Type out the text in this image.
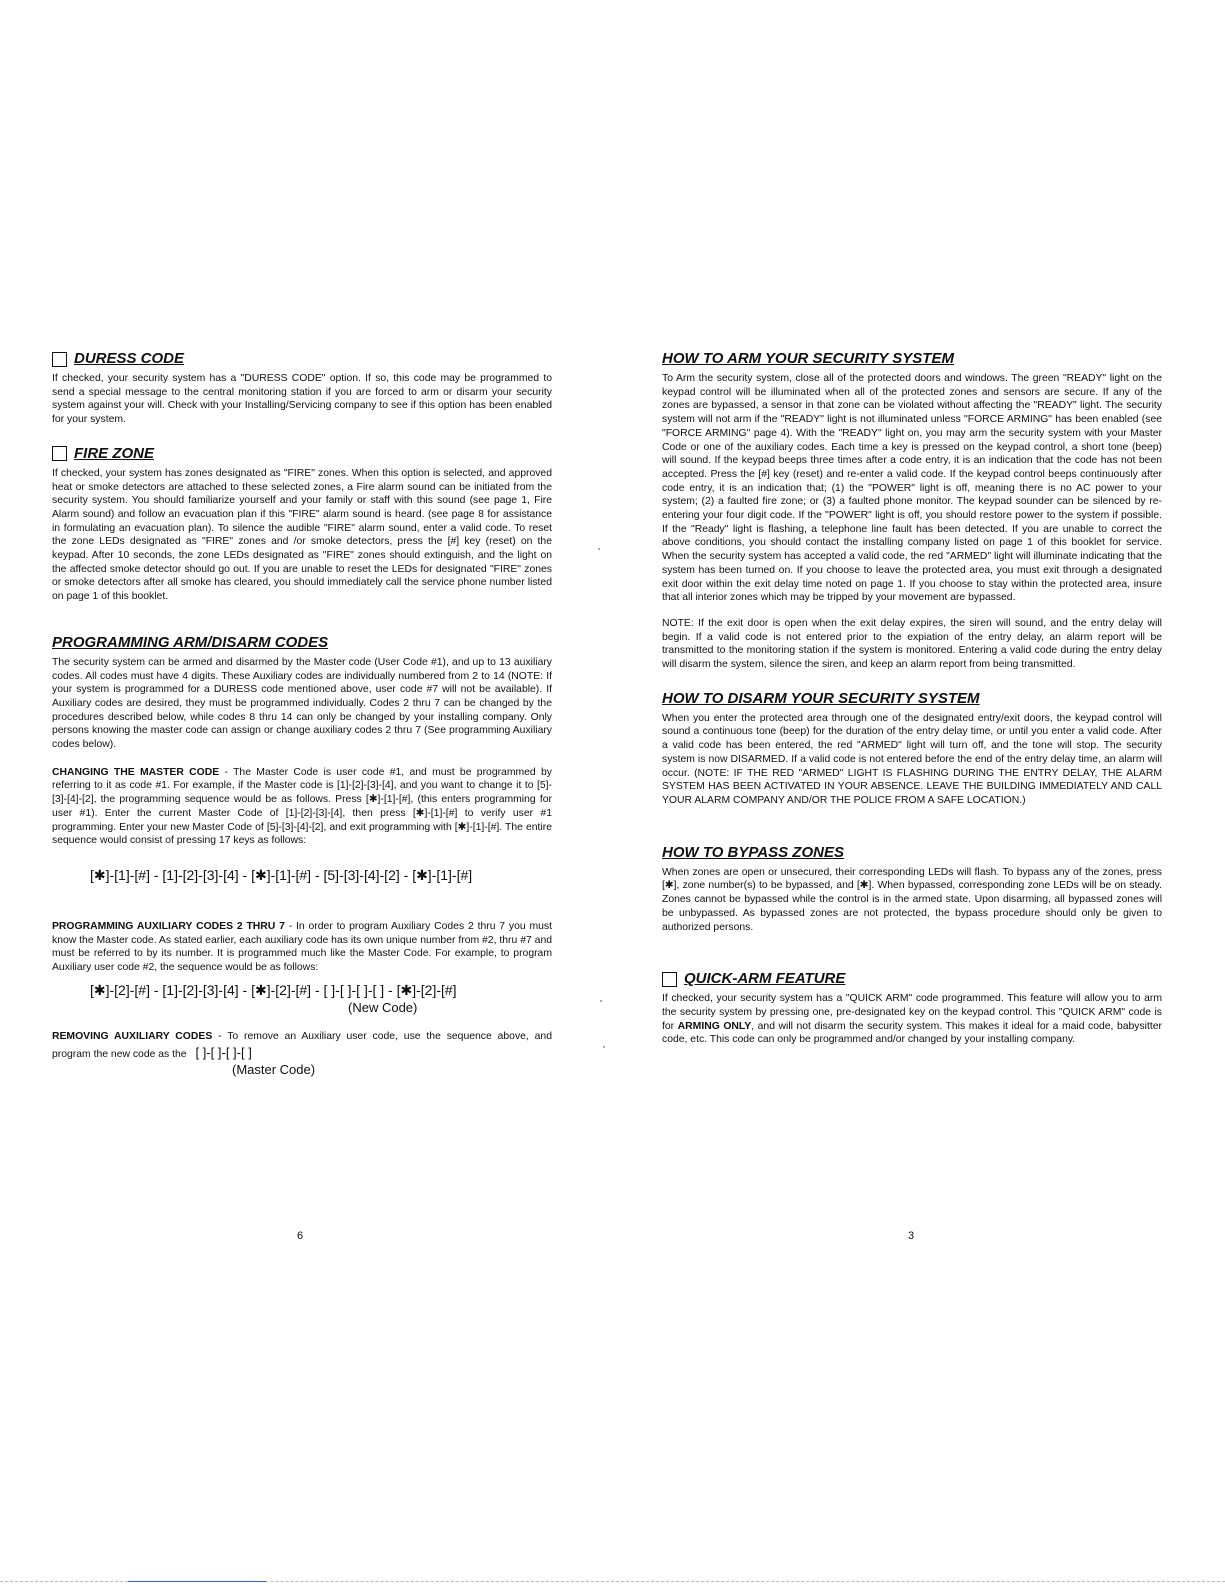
DURESS CODE

If checked, your security system has a "DURESS CODE" option. If so, this code may be programmed to send a special message to the central monitoring station if you are forced to arm or disarm your security system against your will. Check with your Installing/Servicing company to see if this option has been enabled for your system.

FIRE ZONE

If checked, your system has zones designated as "FIRE" zones. When this option is selected, and approved heat or smoke detectors are attached to these selected zones, a Fire alarm sound can be initiated from the security system. You should familiarize yourself and your family or staff with this sound (see page 1, Fire Alarm sound) and follow an evacuation plan if this "FIRE" alarm sound is heard. (see page 8 for assistance in formulating an evacuation plan). To silence the audible "FIRE" alarm sound, enter a valid code. To reset the zone LEDs designated as "FIRE" zones and /or smoke detectors, press the [#] key (reset) on the keypad. After 10 seconds, the zone LEDs designated as "FIRE" zones should extinguish, and the light on the affected smoke detector should go out. If you are unable to reset the LEDs for designated "FIRE" zones or smoke detectors after all smoke has cleared, you should immediately call the service phone number listed on page 1 of this booklet.

PROGRAMMING ARM/DISARM CODES

The security system can be armed and disarmed by the Master code (User Code #1), and up to 13 auxiliary codes. All codes must have 4 digits. These Auxiliary codes are individually numbered from 2 to 14 (NOTE: If your system is programmed for a DURESS code mentioned above, user code #7 will not be available). If Auxiliary codes are desired, they must be programmed individually. Codes 2 thru 7 can be changed by the procedures described below, while codes 8 thru 14 can only be changed by your installing company. Only persons knowing the master code can assign or change auxiliary codes 2 thru 7 (See programming Auxiliary codes below).

CHANGING THE MASTER CODE - The Master Code is user code #1, and must be programmed by referring to it as code #1. For example, if the Master code is [1]-[2]-[3]-[4], and you want to change it to [5]-[3]-[4]-[2], the programming sequence would be as follows. Press [✱]-[1]-[#], (this enters programming for user #1). Enter the current Master Code of [1]-[2]-[3]-[4], then press [✱]-[1]-[#] to verify user #1 programming. Enter your new Master Code of [5]-[3]-[4]-[2], and exit programming with [✱]-[1]-[#]. The entire sequence would consist of pressing 17 keys as follows:

[✱]-[1]-[#] - [1]-[2]-[3]-[4] - [✱]-[1]-[#] - [5]-[3]-[4]-[2] - [✱]-[1]-[#]

PROGRAMMING AUXILIARY CODES 2 THRU 7 - In order to program Auxiliary Codes 2 thru 7 you must know the Master code. As stated earlier, each auxiliary code has its own unique number from #2, thru #7 and must be referred to by its number. It is programmed much like the Master Code. For example, to program Auxiliary user code #2, the sequence would be as follows:

[✱]-[2]-[#] - [1]-[2]-[3]-[4] - [✱]-[2]-[#] - [ ]-[ ]-[ ]-[ ] - [✱]-[2]-[#]
(New Code)

REMOVING AUXILIARY CODES - To remove an Auxiliary user code, use the sequence above, and program the new code as the [ ]-[ ]-[ ]-[ ]

(Master Code)
6
HOW TO ARM YOUR SECURITY SYSTEM

To Arm the security system, close all of the protected doors and windows. The green "READY" light on the keypad control will be illuminated when all of the protected zones and sensors are secure. If any of the zones are bypassed, a sensor in that zone can be violated without affecting the "READY" light. The security system will not arm if the "READY" light is not illuminated unless "FORCE ARMING" has been enabled (see "FORCE ARMING" page 4). With the "READY" light on, you may arm the security system with your Master Code or one of the auxiliary codes. Each time a key is pressed on the keypad control, a short tone (beep) will sound. If the keypad beeps three times after a code entry, it is an indication that the code has not been accepted. Press the [#] key (reset) and re-enter a valid code. If the keypad control beeps continuously after code entry, it is an indication that; (1) the "POWER" light is off, meaning there is no AC power to your system; (2) a faulted fire zone; or (3) a faulted phone monitor. The keypad sounder can be silenced by re-entering your four digit code. If the "POWER" light is off, you should restore power to the system if possible. If the "Ready" light is flashing, a telephone line fault has been detected. If you are unable to correct the above conditions, you should contact the installing company listed on page 1 of this booklet for service. When the security system has accepted a valid code, the red "ARMED" light will illuminate indicating that the system has been turned on. If you choose to leave the protected area, you must exit through a designated exit door within the exit delay time noted on page 1. If you choose to stay within the protected area, insure that all interior zones which may be tripped by your movement are bypassed.

NOTE: If the exit door is open when the exit delay expires, the siren will sound, and the entry delay will begin. If a valid code is not entered prior to the expiation of the entry delay, an alarm report will be transmitted to the monitoring station if the system is monitored. Entering a valid code during the entry delay will disarm the system, silence the siren, and keep an alarm report from being transmitted.

HOW TO DISARM YOUR SECURITY SYSTEM

When you enter the protected area through one of the designated entry/exit doors, the keypad control will sound a continuous tone (beep) for the duration of the entry delay time, or until you enter a valid code. After a valid code has been entered, the red "ARMED" light will turn off, and the tone will stop. The security system is now DISARMED. If a valid code is not entered before the end of the entry delay time, an alarm will occur. (NOTE: IF THE RED "ARMED" LIGHT IS FLASHING DURING THE ENTRY DELAY, THE ALARM SYSTEM HAS BEEN ACTIVATED IN YOUR ABSENCE. LEAVE THE BUILDING IMMEDIATELY AND CALL YOUR ALARM COMPANY AND/OR THE POLICE FROM A SAFE LOCATION.)

HOW TO BYPASS ZONES

When zones are open or unsecured, their corresponding LEDs will flash. To bypass any of the zones, press [✱], zone number(s) to be bypassed, and [✱]. When bypassed, corresponding zone LEDs will be on steady. Zones cannot be bypassed while the control is in the armed state. Upon disarming, all bypassed zones will be unbypassed. As bypassed zones are not protected, the bypass procedure should only be given to authorized persons.

QUICK-ARM FEATURE

If checked, your security system has a "QUICK ARM" code programmed. This feature will allow you to arm the security system by pressing one, pre-designated key on the keypad control. This "QUICK ARM" code is for ARMING ONLY, and will not disarm the security system. This makes it ideal for a maid code, babysitter code, etc. This code can only be programmed and/or changed by your installing company.

3
